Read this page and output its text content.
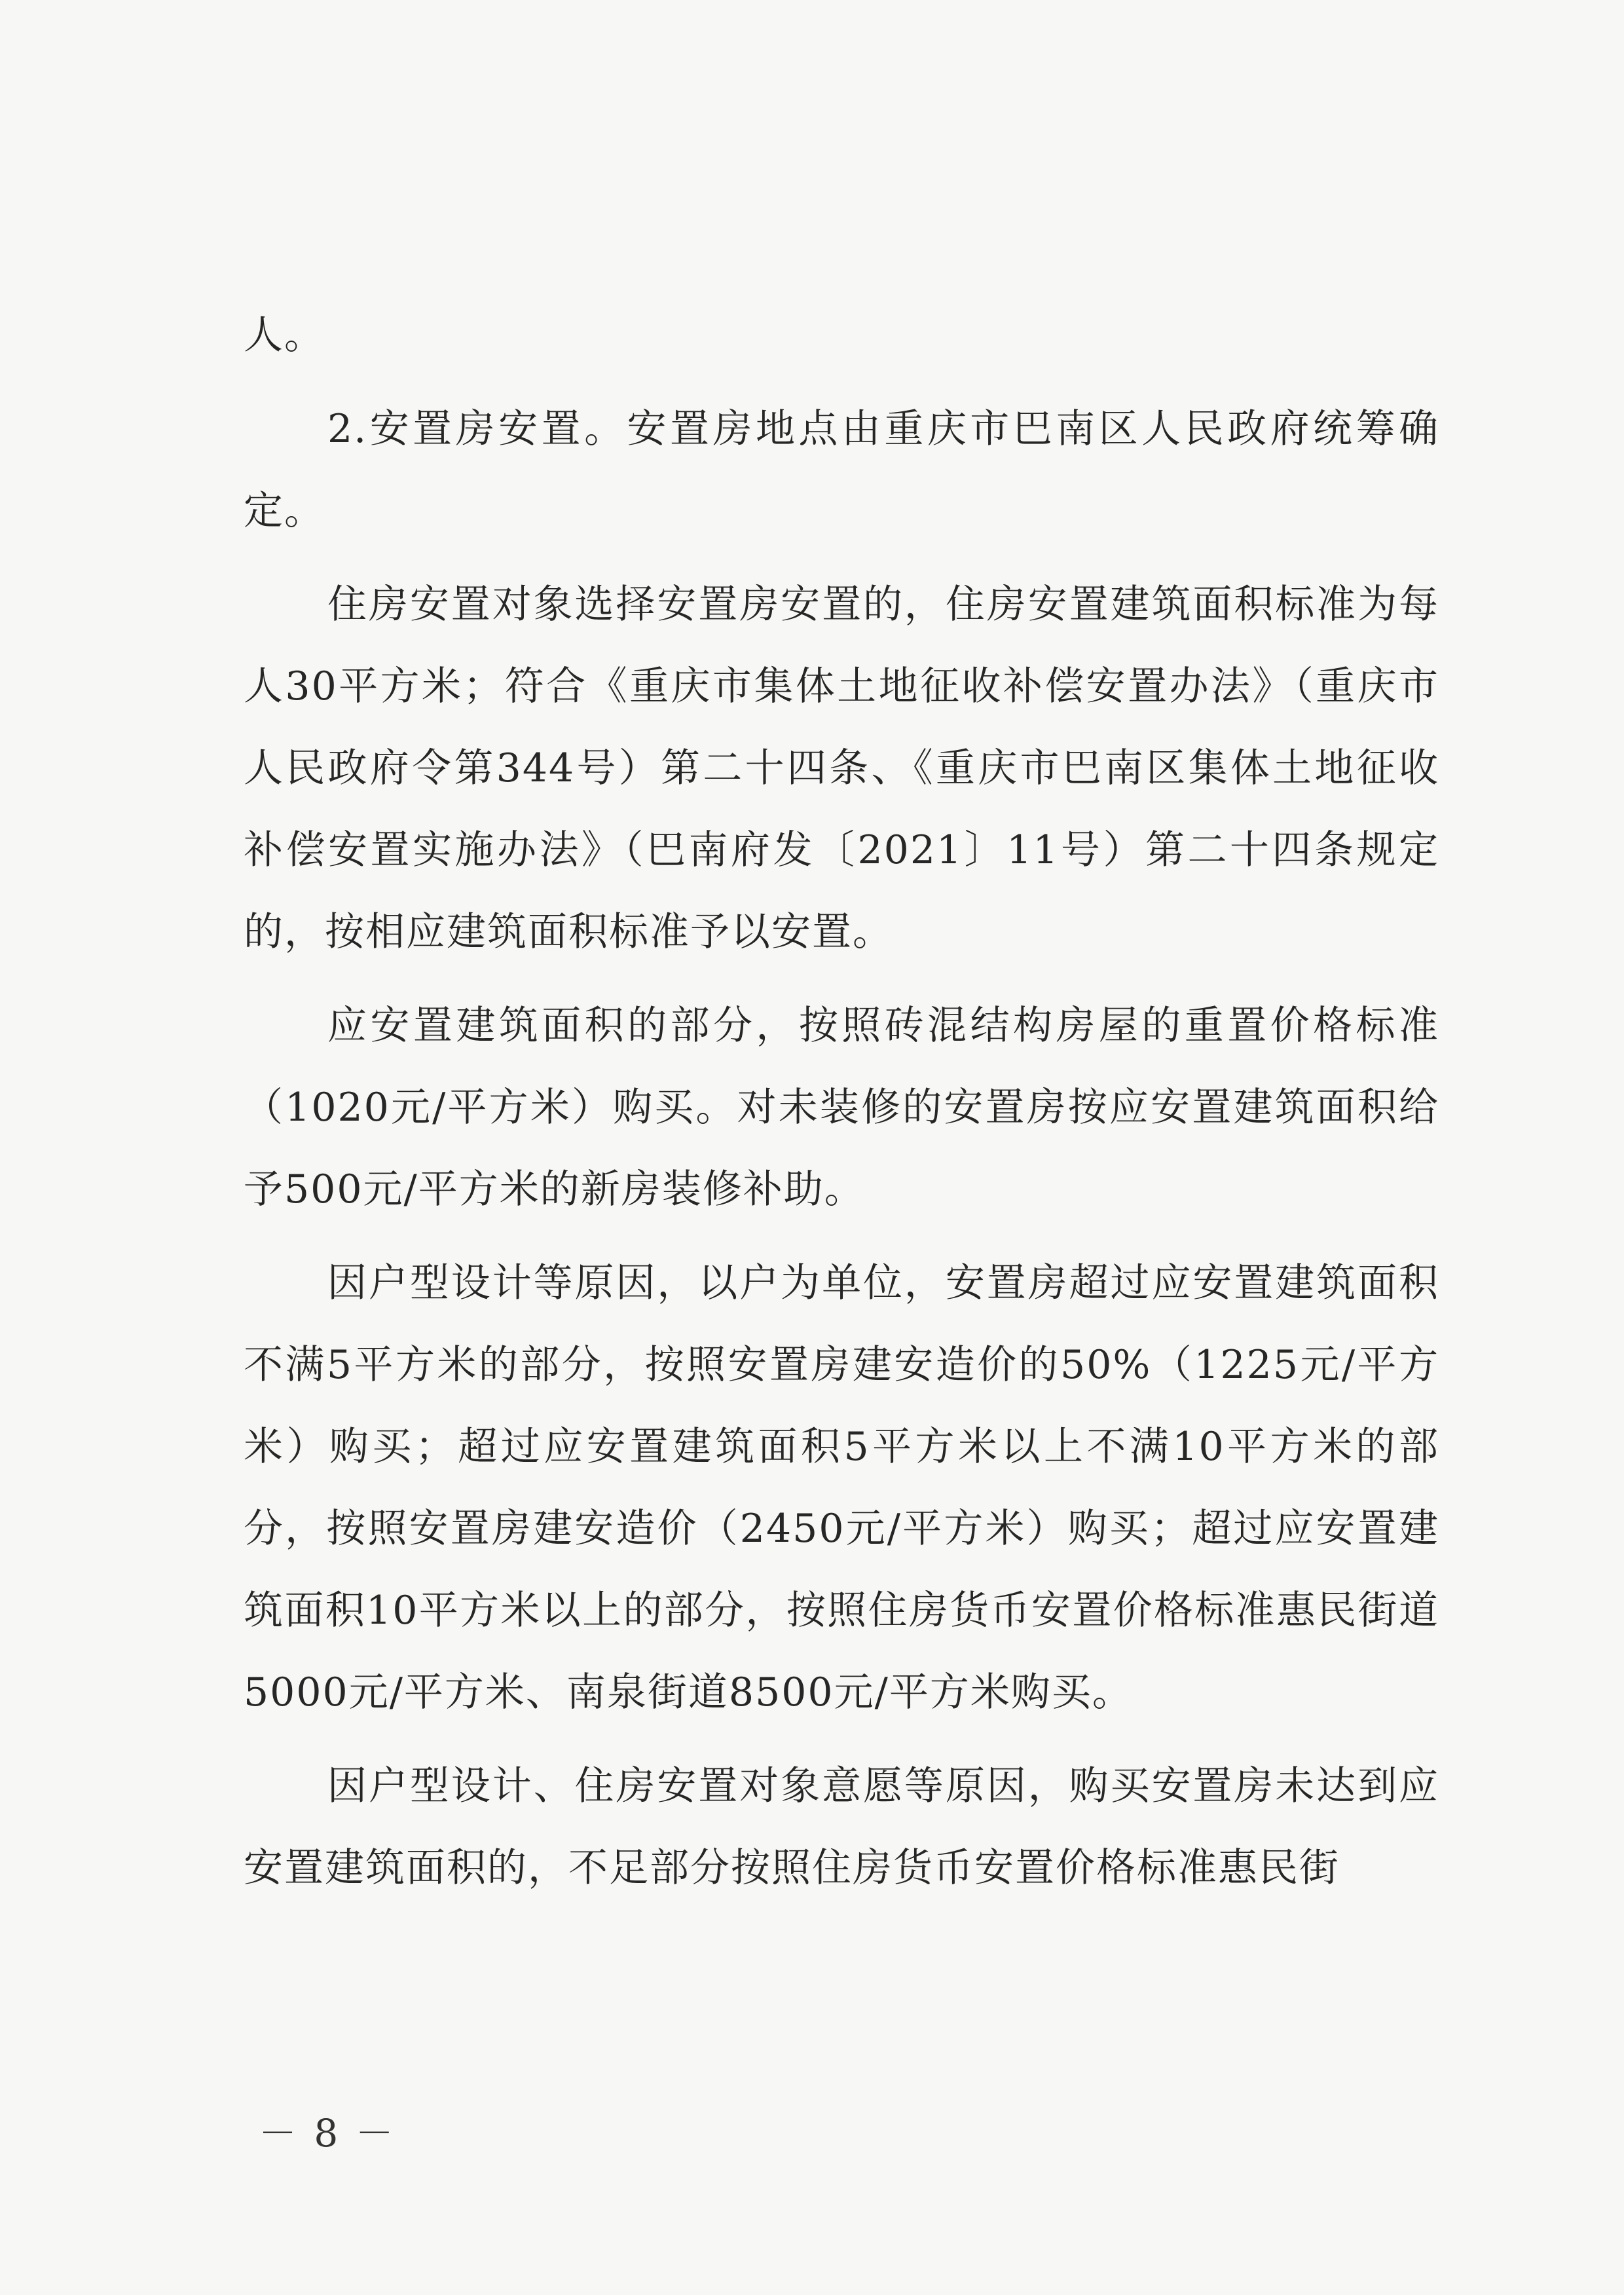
人。

2.安置房安置。安置房地点由重庆市巴南区人民政府统筹确定。

住房安置对象选择安置房安置的，住房安置建筑面积标准为每人30平方米；符合《重庆市集体土地征收补偿安置办法》（重庆市人民政府令第344号）第二十四条、《重庆市巴南区集体土地征收补偿安置实施办法》（巴南府发〔2021〕11号）第二十四条规定的，按相应建筑面积标准予以安置。

应安置建筑面积的部分，按照砖混结构房屋的重置价格标准（1020元/平方米）购买。对未装修的安置房按应安置建筑面积给予500元/平方米的新房装修补助。

因户型设计等原因，以户为单位，安置房超过应安置建筑面积不满5平方米的部分，按照安置房建安造价的50%（1225元/平方米）购买；超过应安置建筑面积5平方米以上不满10平方米的部分，按照安置房建安造价（2450元/平方米）购买；超过应安置建筑面积10平方米以上的部分，按照住房货币安置价格标准惠民街道5000元/平方米、南泉街道8500元/平方米购买。

因户型设计、住房安置对象意愿等原因，购买安置房未达到应安置建筑面积的，不足部分按照住房货币安置价格标准惠民街

－ 8 －
